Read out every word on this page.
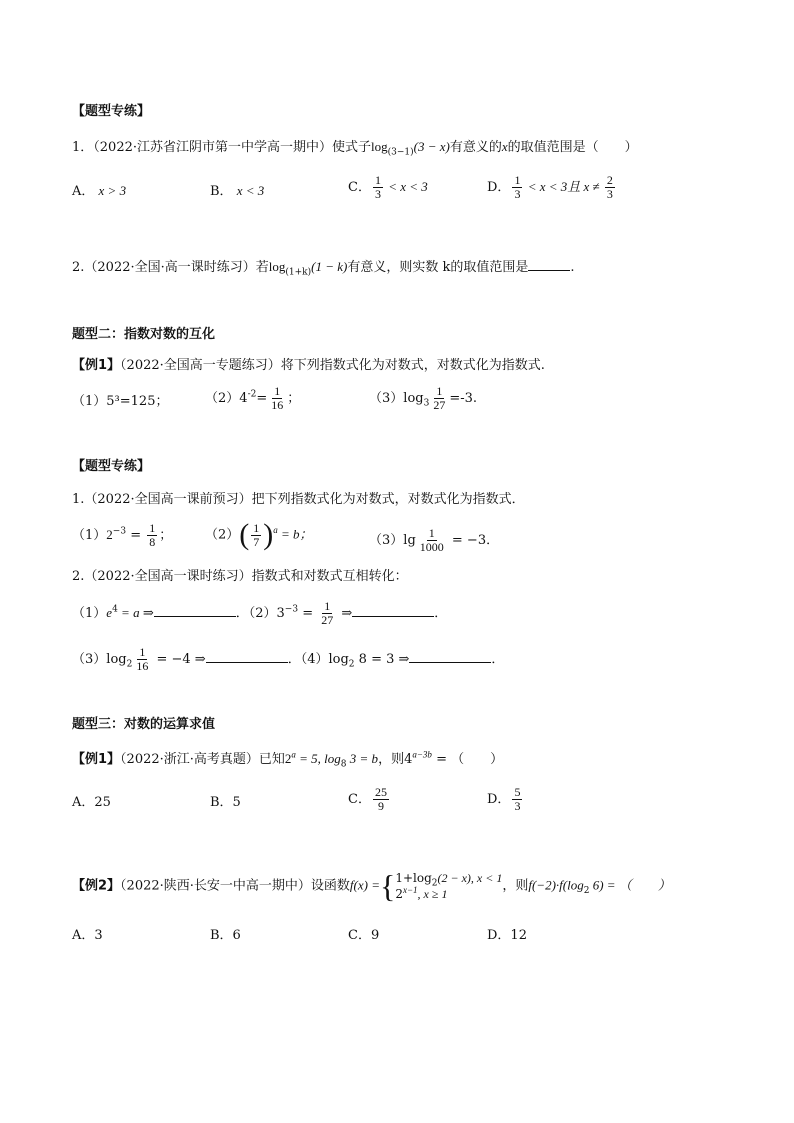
【题型专练】
1．（2022·江苏省江阴市第一中学高一期中）使式子$\log_{(3-1)}(3 - x)$有意义的x的取值范围是（　　）
A． x > 3	B． x < 3	C． $\frac{1}{3} < x < 3$	D． $\frac{1}{3} < x < 3$且 $x \ne \frac{2}{3}$
2.（2022·全国·高一课时练习）若$\log_{(1+k)}(1 - k)$有意义，则实数 k的取值范围是	.
题型二：指数对数的互化
【例1】（2022·全国高一专题练习）将下列指数式化为对数式，对数式化为指数式.
（1）5³=125；	$(2)4^{-2}= \frac{1}{16}$ ；	$(3)\log_3 \frac{1}{27} =-3$.
【题型专练】
1.（2022·全国高一课前预习）把下列指数式化为对数式，对数式化为指数式．
$(1)2^{-3} = \frac{1}{8}$ ；	$(2)( \frac{1}{7} )^a = b$；	$(3)\lg \frac{1}{1000} = -3$．
2.（2022·全国高一课时练习）指数式和对数式互相转化：
$(1)e^4 = a$ ⇒	．$(2)3^{-3} = \frac{1}{27}$ ⇒	．
$(3)\log_2 \frac{1}{16} = -4$ ⇒	．$(4)\log_2$ 8 = 3 ⇒	．
题型三：对数的运算求值
【例1】（2022·浙江·高考真题）已知$2^a = 5$, $\log_8 3 = b$，则$4^{a-3b}$ = （　　）
A．25	B．5	C． $\frac{25}{9}$	D． $\frac{5}{3}$
【例2】（2022·陕西·长安一中高一期中）设函数f(x) ={ $1+\log_2(2 - x)$, x < 1
$2^{x-1}$, x ≥ 1
，则$f(-2)\cdot f(\log_2$ 6) = （　　）
A．3	B．6	C．9	D．12
